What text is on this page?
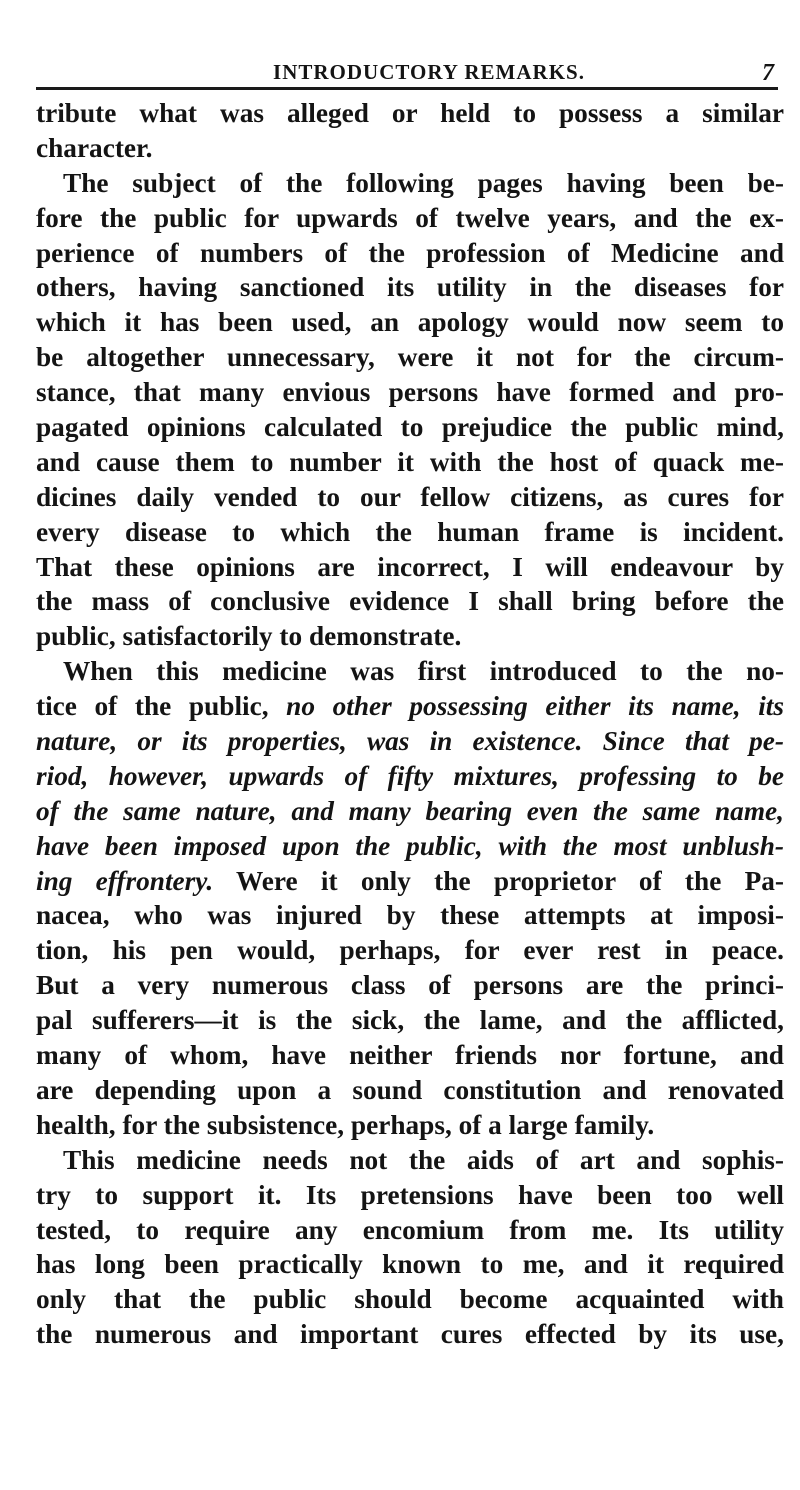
INTRODUCTORY REMARKS.	7
tribute what was alleged or held to possess a similar
character.
The subject of the following pages having been be-
fore the public for upwards of twelve years, and the ex-
perience of numbers of the profession of Medicine and
others, having sanctioned its utility in the diseases for
which it has been used, an apology would now seem to
be altogether unnecessary, were it not for the circum-
stance, that many envious persons have formed and pro-
pagated opinions calculated to prejudice the public mind,
and cause them to number it with the host of quack me-
dicines daily vended to our fellow citizens, as cures for
every disease to which the human frame is incident.
That these opinions are incorrect, I will endeavour by
the mass of conclusive evidence I shall bring before the
public, satisfactorily to demonstrate.
When this medicine was first introduced to the no-
tice of the public, no other possessing either its name, its
nature, or its properties, was in existence. Since that pe-
riod, however, upwards of fifty mixtures, professing to be
of the same nature, and many bearing even the same name,
have been imposed upon the public, with the most unblush-
ing effrontery. Were it only the proprietor of the Pa-
nacea, who was injured by these attempts at imposi-
tion, his pen would, perhaps, for ever rest in peace.
But a very numerous class of persons are the princi-
pal sufferers—it is the sick, the lame, and the afflicted,
many of whom, have neither friends nor fortune, and
are depending upon a sound constitution and renovated
health, for the subsistence, perhaps, of a large family.
This medicine needs not the aids of art and sophis-
try to support it. Its pretensions have been too well
tested, to require any encomium from me. Its utility
has long been practically known to me, and it required
only that the public should become acquainted with
the numerous and important cures effected by its use,
